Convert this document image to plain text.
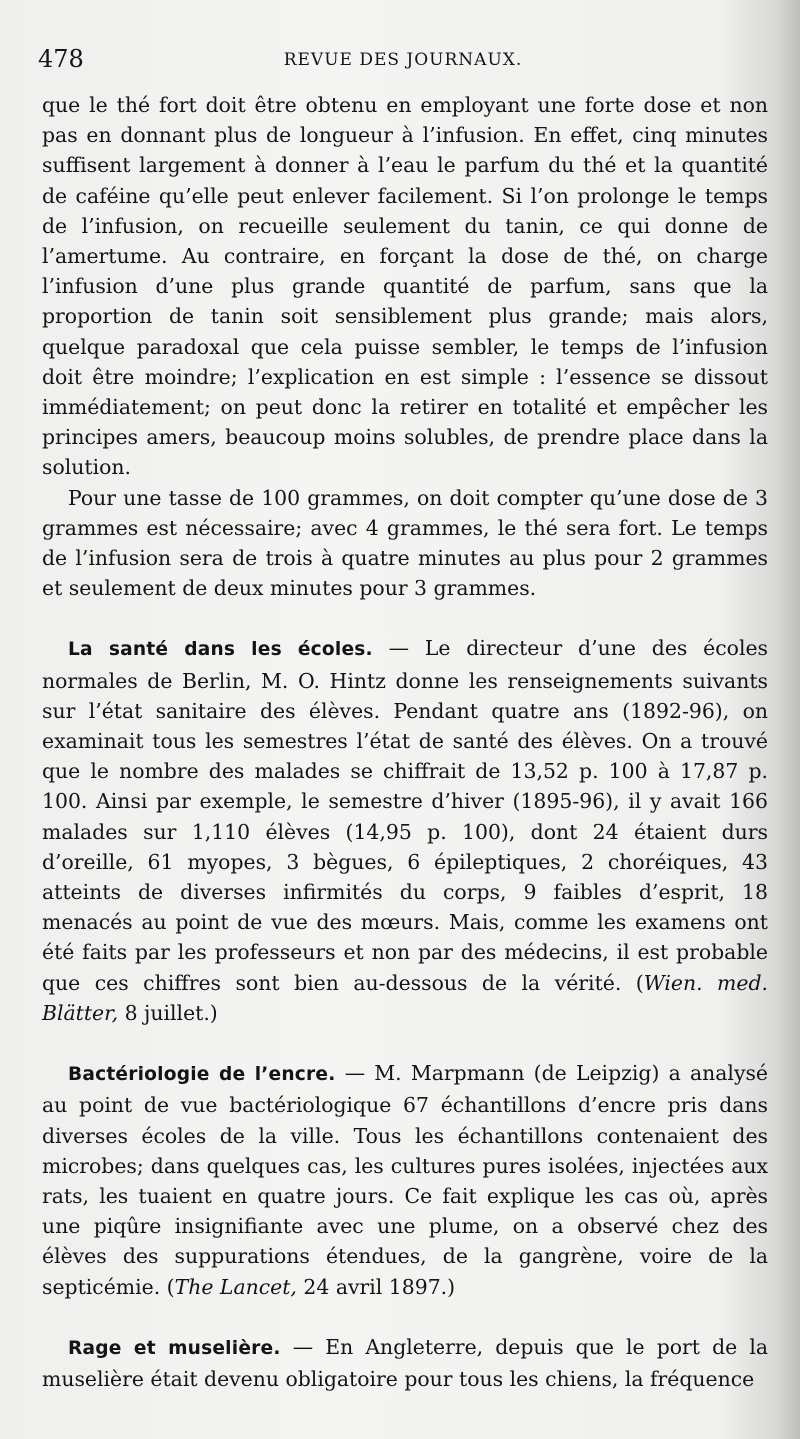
478	REVUE DES JOURNAUX.

que le thé fort doit être obtenu en employant une forte dose et non pas en donnant plus de longueur à l’infusion. En effet, cinq minutes suffisent largement à donner à l’eau le parfum du thé et la quantité de caféine qu’elle peut enlever facilement. Si l’on prolonge le temps de l’infusion, on recueille seulement du tanin, ce qui donne de l’amertume. Au contraire, en forçant la dose de thé, on charge l’infusion d’une plus grande quantité de parfum, sans que la proportion de tanin soit sensiblement plus grande; mais alors, quelque paradoxal que cela puisse sembler, le temps de l’infusion doit être moindre; l’explication en est simple : l’essence se dissout immédiatement; on peut donc la retirer en totalité et empêcher les principes amers, beaucoup moins solubles, de prendre place dans la solution.

Pour une tasse de 100 grammes, on doit compter qu’une dose de 3 grammes est nécessaire; avec 4 grammes, le thé sera fort. Le temps de l’infusion sera de trois à quatre minutes au plus pour 2 grammes et seulement de deux minutes pour 3 grammes.

La santé dans les écoles. — Le directeur d’une des écoles normales de Berlin, M. O. Hintz donne les renseignements suivants sur l’état sanitaire des élèves. Pendant quatre ans (1892-96), on examinait tous les semestres l’état de santé des élèves. On a trouvé que le nombre des malades se chiffrait de 13,52 p. 100 à 17,87 p. 100. Ainsi par exemple, le semestre d’hiver (1895-96), il y avait 166 malades sur 1,110 élèves (14,95 p. 100), dont 24 étaient durs d’oreille, 61 myopes, 3 bègues, 6 épileptiques, 2 choréiques, 43 atteints de diverses infirmités du corps, 9 faibles d’esprit, 18 menacés au point de vue des mœurs. Mais, comme les examens ont été faits par les professeurs et non par des médecins, il est probable que ces chiffres sont bien au-dessous de la vérité. (Wien. med. Blätter, 8 juillet.)

Bactériologie de l’encre. — M. Marpmann (de Leipzig) a analysé au point de vue bactériologique 67 échantillons d’encre pris dans diverses écoles de la ville. Tous les échantillons contenaient des microbes; dans quelques cas, les cultures pures isolées, injectées aux rats, les tuaient en quatre jours. Ce fait explique les cas où, après une piqûre insignifiante avec une plume, on a observé chez des élèves des suppurations étendues, de la gangrène, voire de la septicémie. (The Lancet, 24 avril 1897.)

Rage et muselière. — En Angleterre, depuis que le port de la muselière était devenu obligatoire pour tous les chiens, la fréquence
